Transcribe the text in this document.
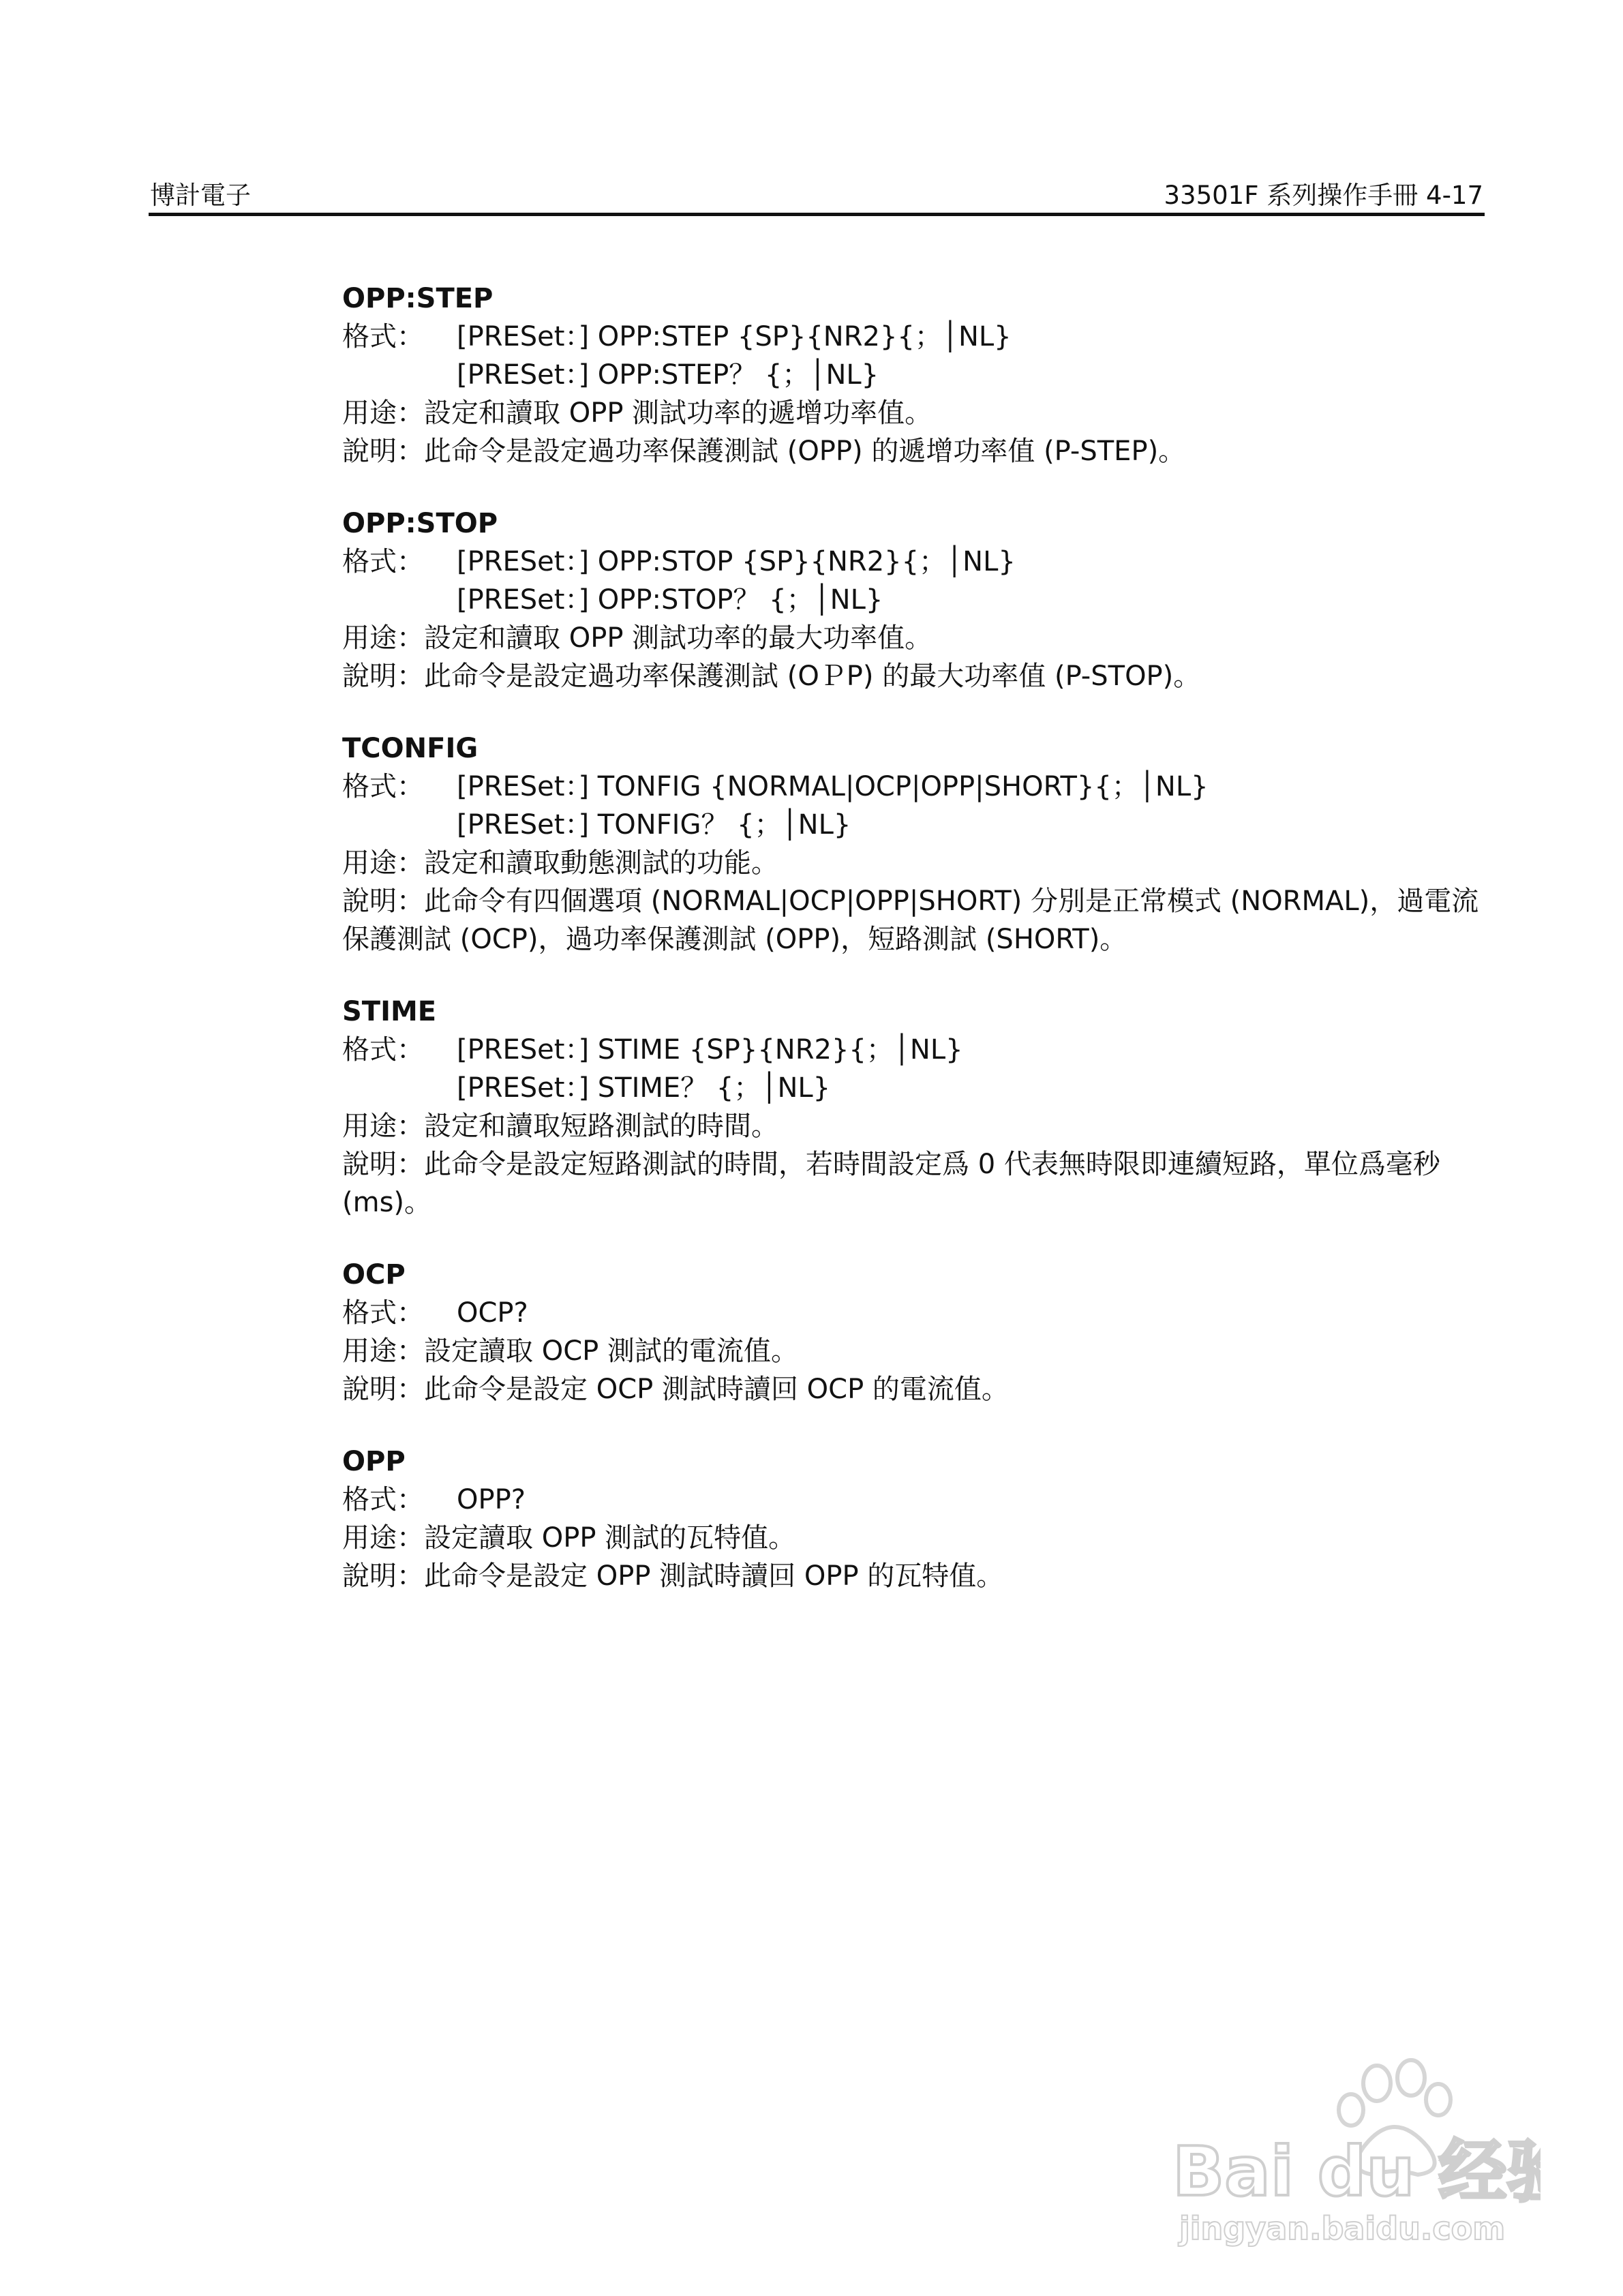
博計電子	33501F 系列操作手冊 4-17
OPP:STEP
格式： [PRESet：] OPP:STEP {SP}{NR2}{；│NL}
[PRESet：] OPP:STEP？ {；│NL}
用途：設定和讀取 OPP 測試功率的遞增功率值。
說明：此命令是設定過功率保護測試 (OPP) 的遞增功率值 (P-STEP)。
OPP:STOP
格式： [PRESet：] OPP:STOP {SP}{NR2}{；│NL}
[PRESet：] OPP:STOP？ {；│NL}
用途：設定和讀取 OPP 測試功率的最大功率值。
說明：此命令是設定過功率保護測試 (OＰP) 的最大功率值 (P-STOP)。
TCONFIG
格式： [PRESet：] TONFIG {NORMAL|OCP|OPP|SHORT}{；│NL}
[PRESet：] TONFIG？ {；│NL}
用途：設定和讀取動態測試的功能。
說明：此命令有四個選項 (NORMAL|OCP|OPP|SHORT) 分別是正常模式 (NORMAL)，過電流保護測試 (OCP)，過功率保護測試 (OPP)，短路測試 (SHORT)。
STIME
格式： [PRESet：] STIME {SP}{NR2}{；│NL}
[PRESet：] STIME？ {；│NL}
用途：設定和讀取短路測試的時間。
說明：此命令是設定短路測試的時間，若時間設定爲 0 代表無時限即連續短路，單位爲毫秒(ms)。
OCP
格式： OCP?
用途：設定讀取 OCP 測試的電流值。
說明：此命令是設定 OCP 測試時讀回 OCP 的電流值。
OPP
格式： OPP?
用途：設定讀取 OPP 測試的瓦特值。
說明：此命令是設定 OPP 測試時讀回 OPP 的瓦特值。
Bai du 经验
jingyan.baidu.com
